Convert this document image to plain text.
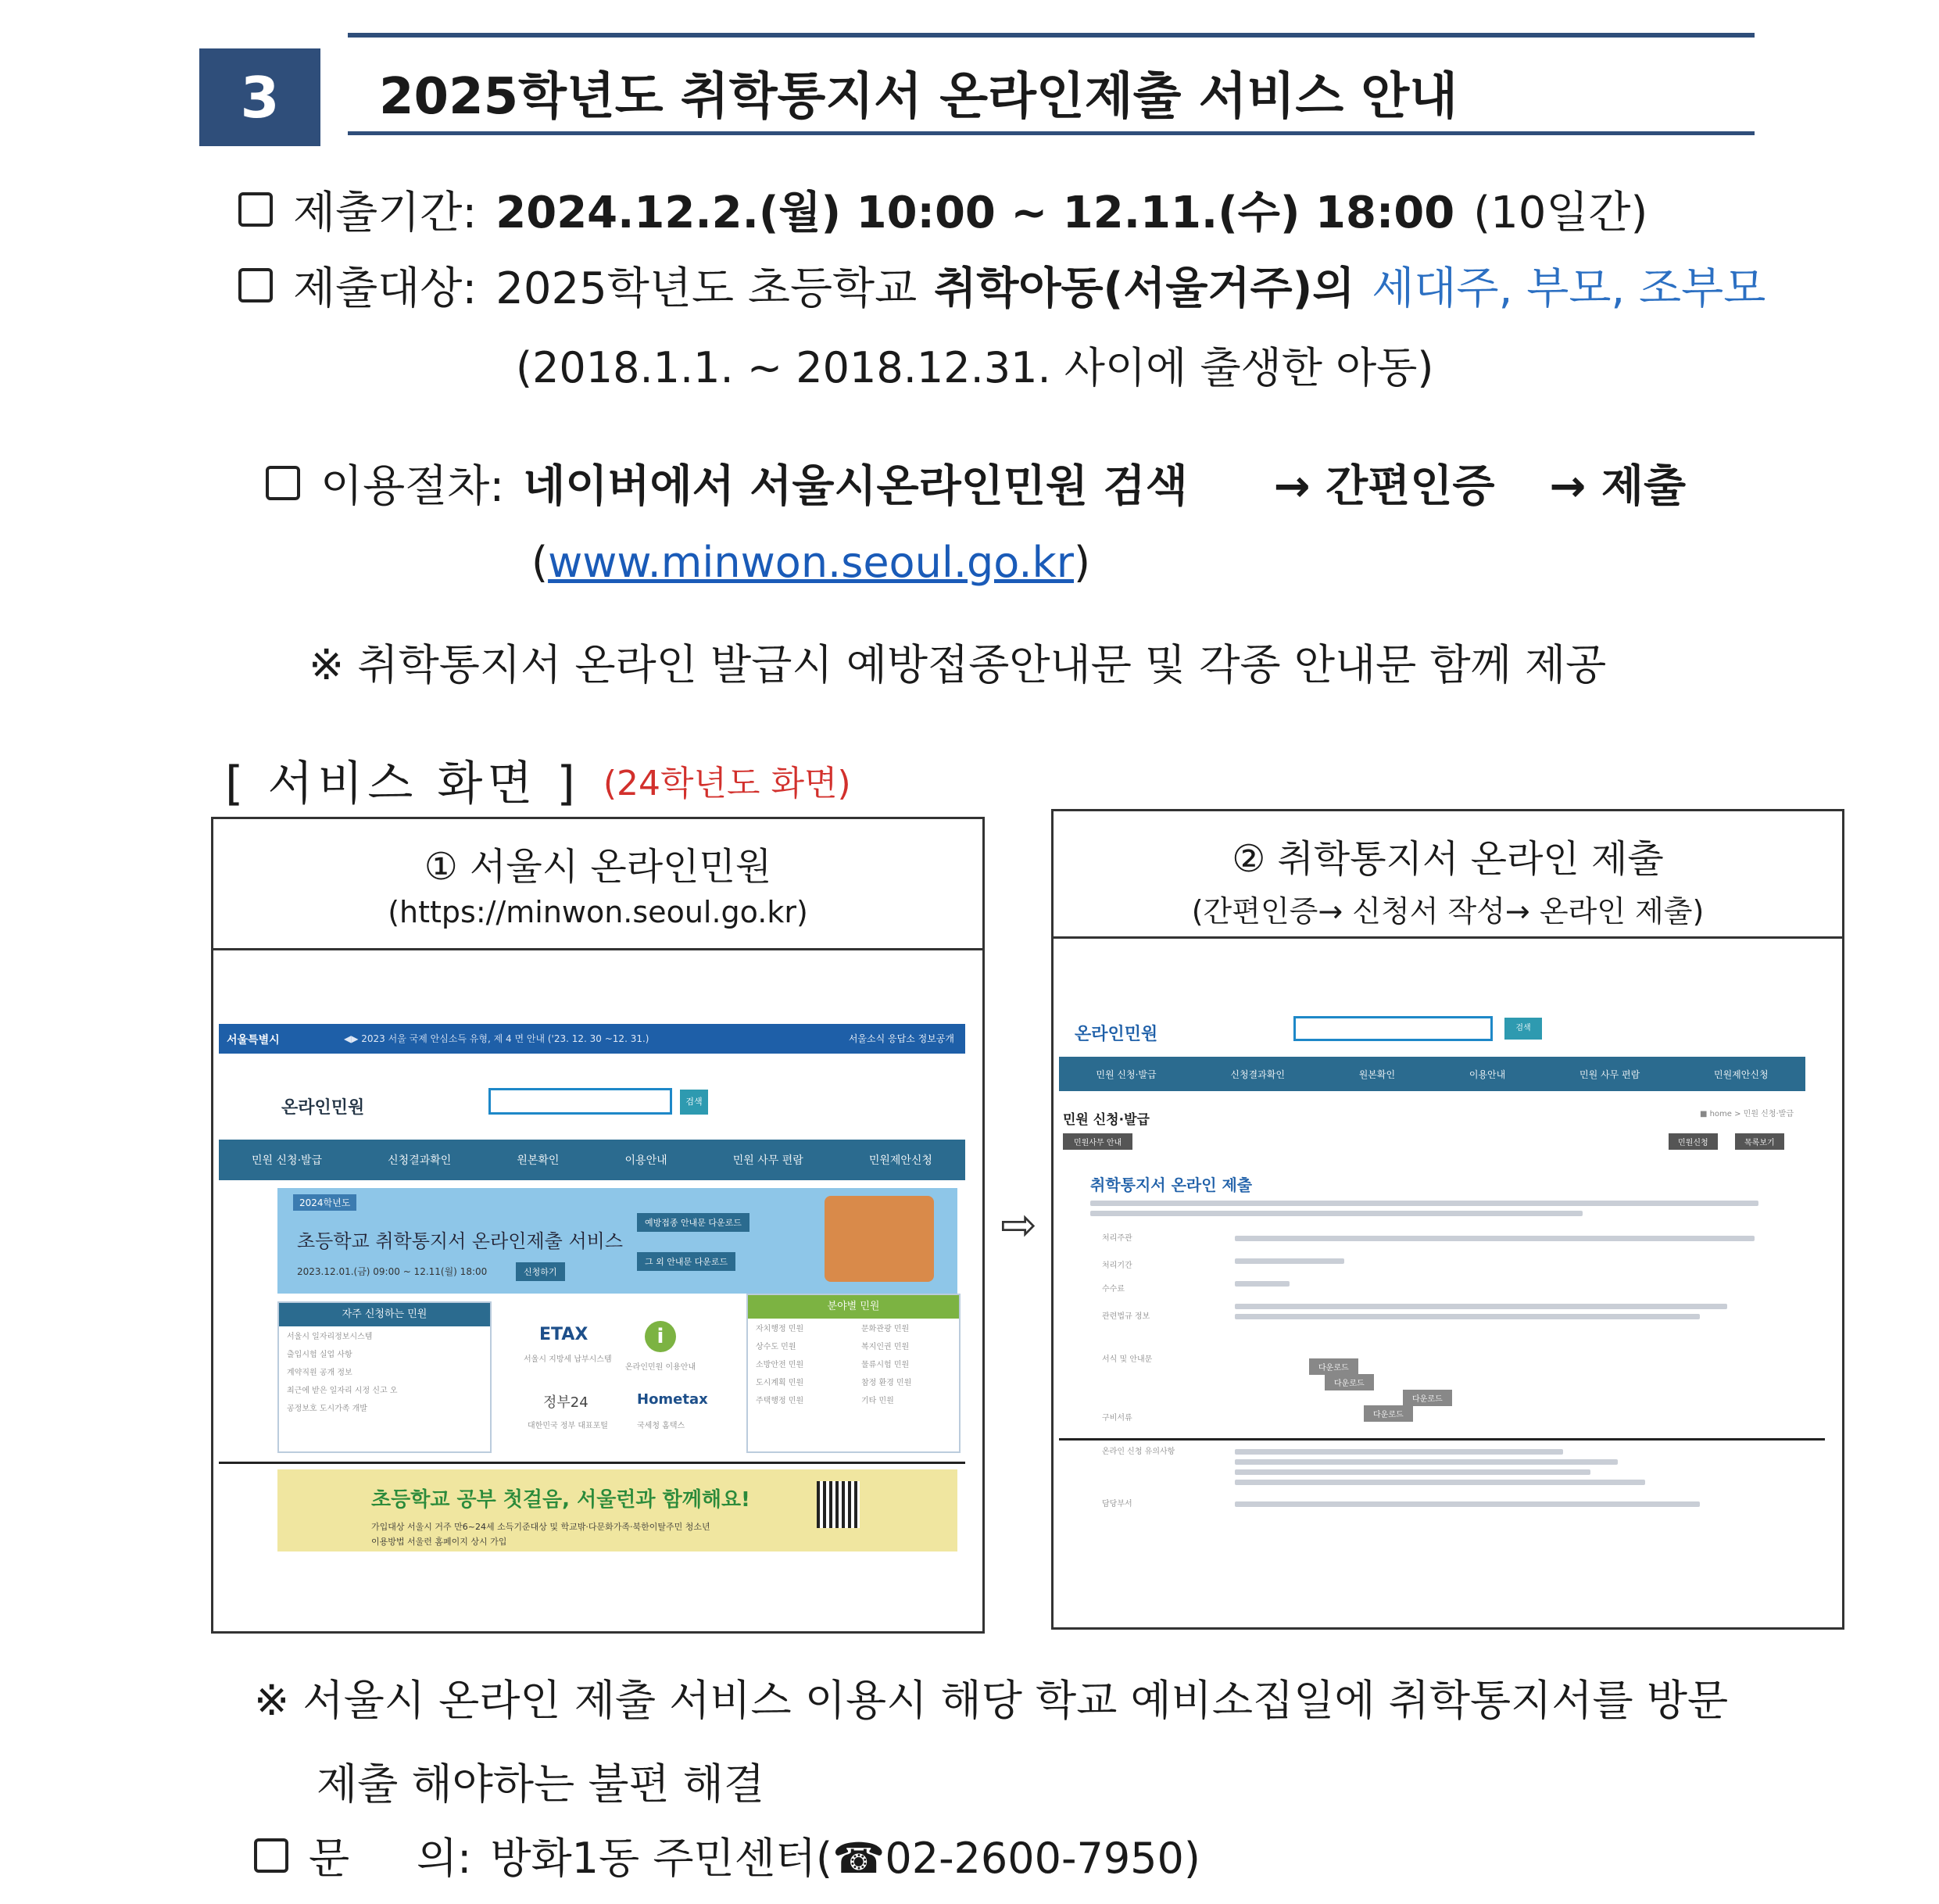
3	2025학년도 취학통지서 온라인제출 서비스 안내
제출기간: 2024.12.2.(월) 10:00 ~ 12.11.(수) 18:00 (10일간)
제출대상: 2025학년도 초등학교 취학아동(서울거주)의 세대주, 부모, 조부모
(2018.1.1. ~ 2018.12.31. 사이에 출생한 아동)
이용절차: 네이버에서 서울시온라인민원 검색 → 간편인증 → 제출
( www.minwon.seoul.go.kr )
※ 취학통지서 온라인 발급시 예방접종안내문 및 각종 안내문 함께 제공
[ 서비스 화면 ] (24학년도 화면)
① 서울시 온라인민원
(https://minwon.seoul.go.kr)
② 취학통지서 온라인 제출
(간편인증→ 신청서 작성→ 온라인 제출)
⇨
서울특별시	◀▶ 2023 서울 국제 안심소득 유형, 제 4 면 안내 ('23. 12. 30 ~12. 31.)	서울소식 응답소 정보공개
온라인민원	검색
민원 신청·발급	신청결과확인	원본확인	이용안내	민원 사무 편람	민원제안신청
2024학년도
초등학교 취학통지서 온라인제출 서비스
2023.12.01.(금) 09:00 ~ 12.11(월) 18:00	신청하기
예방접종 안내문 다운로드
그 외 안내문 다운로드
자주 신청하는 민원
서울시 일자리정보시스템
출입시험 실업 사항
계약직원 공개 정보
최근에 받은 일자리 시정 신고 오
공정보호 도시가족 개발
ETAX
서울시 지방세 납부시스템
i
온라인민원 이용안내
정부24
대한민국 정부 대표포털
Hometax
국세청 홈택스
분야별 민원
자치행정 민원	문화관광 민원
상수도 민원	복지인권 민원
소방안전 민원	물류시험 민원
도시계획 민원	참정 환경 민원
주택행정 민원	기타 민원
초등학교 공부 첫걸음, 서울런과 함께해요!
가입대상 서울시 거주 만6~24세 소득기준대상 및 학교밖·다문화가족·북한이탈주민 청소년
이용방법 서울런 홈페이지 상시 가입
온라인민원	검색
민원 신청·발급	신청결과확인	원본확인	이용안내	민원 사무 편람	민원제안신청
민원 신청·발급	■ home > 민원 신청·발급
민원사무 안내	민원신청	목록보기
취학통지서 온라인 제출
처리주관
처리기간
수수료
관련법규 정보
서식 및 안내문
구비서류
온라인 신청 유의사항
담당부서
다운로드
다운로드
다운로드
다운로드
※ 서울시 온라인 제출 서비스 이용시 해당 학교 예비소집일에 취학통지서를 방문
제출 해야하는 불편 해결
문     의: 방화1동 주민센터(☎02-2600-7950)
